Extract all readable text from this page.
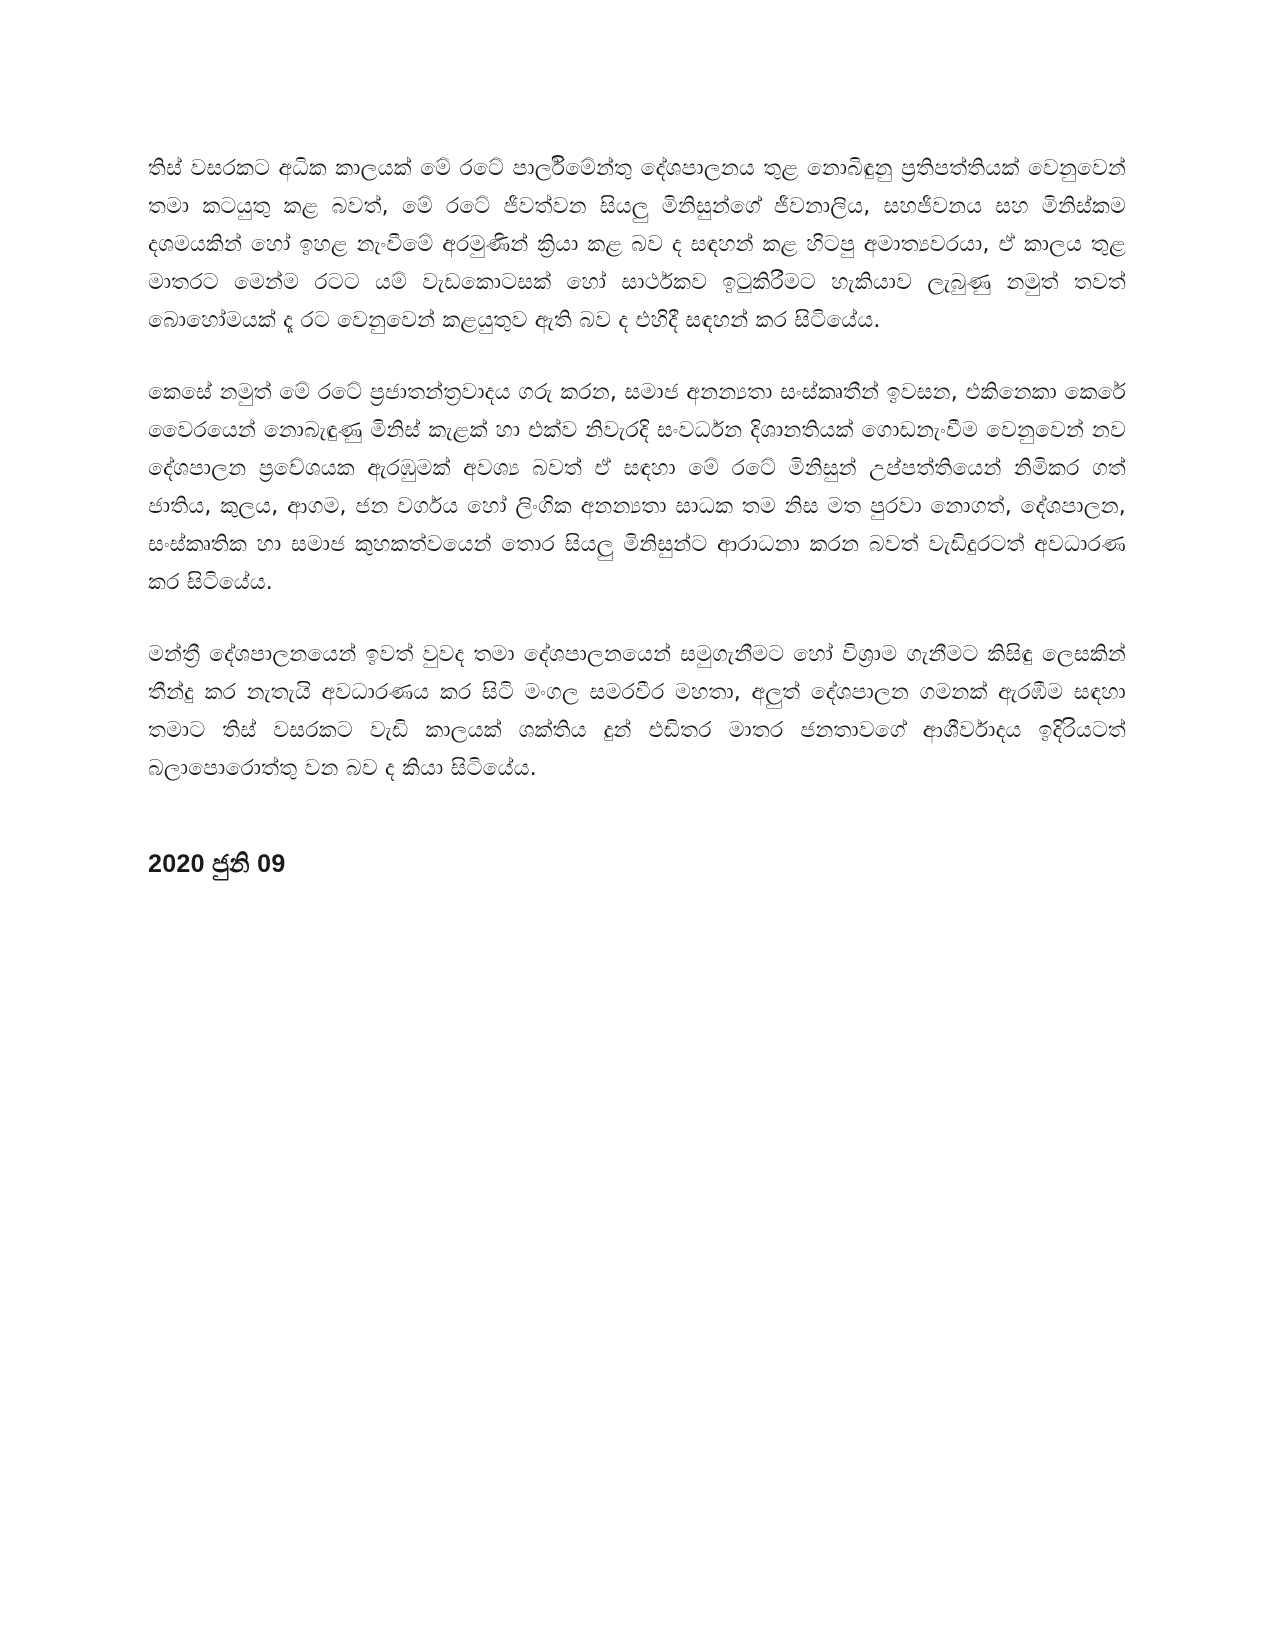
තිස් වසරකට අධික කාලයක් මේ රටේ පාර්ලිමේන්තු දේශපාලනය තුළ නොබිඳුනු ප්‍රතිපත්තියක් වෙනුවෙන් තමා කටයුතු කළ බවත්, මේ රටේ ජීවත්වන සියලු මිනිසුන්ගේ ජීවනාලිය, සහජීවනය සහ මිනිස්කම දශමයකින් හෝ ඉහළ නැංවීමේ අරමුණින් ක්‍රියා කළ බව ද සඳහන් කළ හිටපු අමාත්‍යවරයා, ඒ කාලය තුළ මාතරට මෙන්ම රටට යම් වැඩකොටසක් හෝ සාර්ථකව ඉටුකිරීමට හැකියාව ලැබුණු නමුත් තවත් බොහෝමයක් දෑ රට වෙනුවෙන් කළයුතුව ඇති බව ද එහිදී සඳහන් කර සිටියේය.

කෙසේ නමුත් මේ රටේ ප්‍රජාතන්ත්‍රවාදය ගරු කරන, සමාජ අනන්‍යතා සංස්කෘතීන් ඉවසන, එකිනෙකා කෙරේ වෛරයෙන් නොබැඳුණු මිනිස් කැළක් හා එක්ව නිවැරදි සංවර්ධන දිශානතියක් ගොඩනැංවීම වෙනුවෙන් නව දේශපාලන ප්‍රවේශයක ඇරඹුමක් අවශ්‍ය බවත් ඒ සඳහා මේ රටේ මිනිසුන් උප්පත්තියෙන් නිමිකර ගත් ජාතිය, කුලය, ආගම, ජන වර්ගය හෝ ලිංගික අනන්‍යතා සාධක තම නිස මත පුරවා නොගත්, දේශපාලන, සංස්කෘතික හා සමාජ කුහකත්වයෙන් තොර සියලු මිනිසුන්ට ආරාධනා කරන බවත් වැඩිදුරටත් අවධාරණ කර සිටියේය.

මන්ත්‍රී දේශපාලනයෙන් ඉවත් වුවද තමා දේශපාලනයෙන් සමුගැනීමට හෝ විශ්‍රාම ගැනීමට කිසිඳු ලෙසකින් තීන්දු කර නැතැයි අවධාරණය කර සිටි මංගල සමරවීර මහතා, අලුත් දේශපාලන ගමනක් ඇරඹීම සඳහා තමාට තිස් වසරකට වැඩි කාලයක් ශක්තිය දුන් එඩිතර මාතර ජනතාවගේ ආශීර්වාදය ඉදිරියටත් බලාපොරොත්තු වන බව ද කියා සිටියේය.

2020 ජුනි 09
